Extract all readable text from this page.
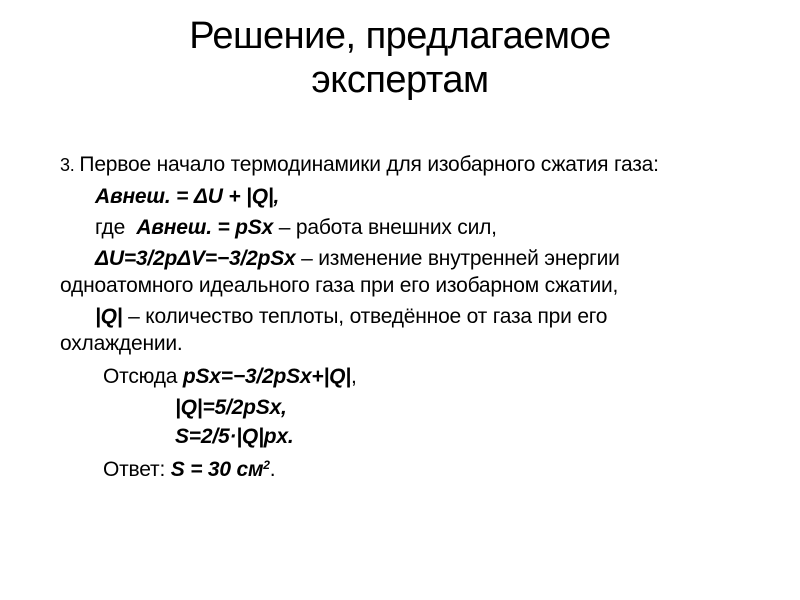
Решение, предлагаемое
экспертам

3. Первое начало термодинамики для изобарного сжатия газа:

Авнеш. = ΔU + |Q|,

где  Авнеш. = pSx – работа внешних сил,

ΔU=3/2pΔV=−3/2pSx – изменение внутренней энергии

одноатомного идеального газа при его изобарном сжатии,

|Q| – количество теплоты, отведённое от газа при его

охлаждении.

Отсюда pSx=−3/2pSx+|Q|,

|Q|=5/2pSx,

S=2/5·|Q|px.

Ответ: S = 30 $см^2$.
